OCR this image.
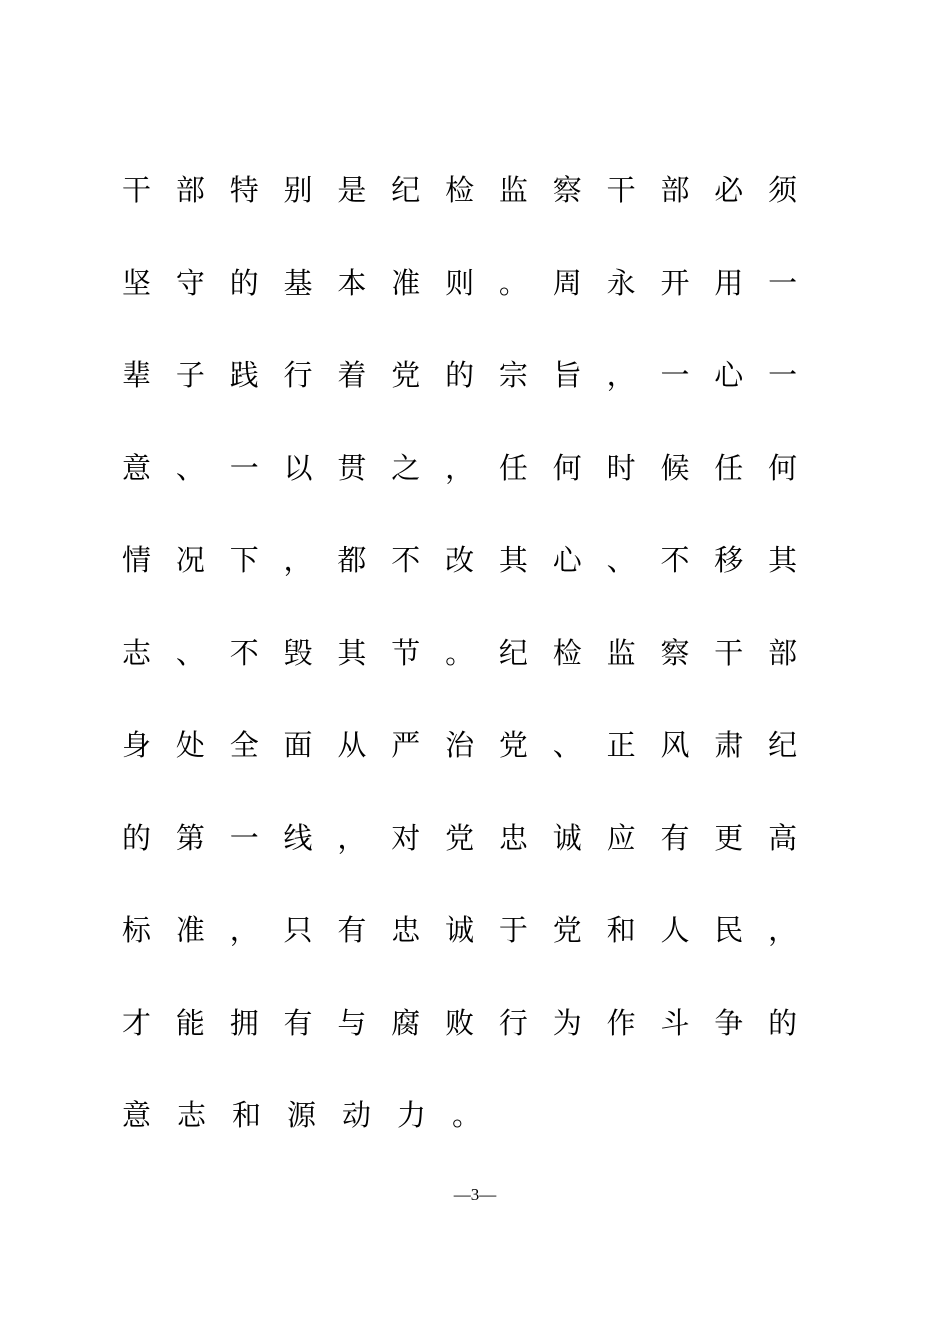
干 部 特 别 是 纪 检 监 察 干 部 必 须
坚 守 的 基 本 准 则 。 周 永 开 用 一
辈 子 践 行 着 党 的 宗 旨 ， 一 心 一
意 、 一 以 贯 之 ， 任 何 时 候 任 何
情 况 下 ， 都 不 改 其 心 、 不 移 其
志 、 不 毁 其 节 。 纪 检 监 察 干 部
身 处 全 面 从 严 治 党 、 正 风 肃 纪
的 第 一 线 ， 对 党 忠 诚 应 有 更 高
标 准 ， 只 有 忠 诚 于 党 和 人 民 ，
才 能 拥 有 与 腐 败 行 为 作 斗 争 的
意 志 和 源 动 力 。
—3—
